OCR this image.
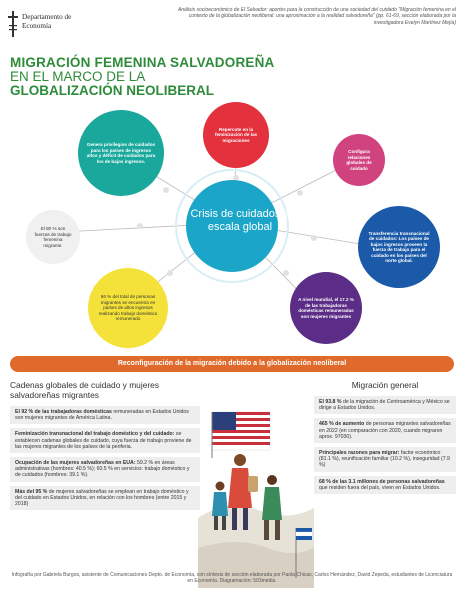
Departamento de
Economía
Análisis socioeconómico de El Salvador: aportes para la construcción de una sociedad del cuidado "Migración femenina en el contexto de la globalización neoliberal: una aproximación a la realidad salvadoreña" (pp. 61-69, sección elaborada por la investigadora Evelyn Martínez Mejía)
MIGRACIÓN FEMENINA SALVADOREÑA
EN EL MARCO DE LA
GLOBALIZACIÓN NEOLIBERAL
Genera privilegios de cuidados para los países de ingresos altos y déficit de cuidados para los de bajos ingresos.
Repercute en la feminización de las migraciones
Configura relaciones globales de cuidado
Transferencia transnacional de cuidados: Los países de bajos ingresos proveen la fuerza de trabajo para el cuidado en los países del norte global.
A nivel mundial, el 17.2 % de las trabajadoras domésticas remuneradas son mujeres migrantes
66 % del total de personas migrantes se encuentra en países de altos ingresos realizando trabajo doméstico remunerado
El 80 % son fuerzas de trabajo femenina migrante.
Crisis de cuidados a escala global
Reconfiguración de la migración debido a la globalización neoliberal
Cadenas globales de cuidado y mujeres salvadoreñas migrantes
El 92 % de las trabajadoras domésticas remuneradas en Estados Unidos son mujeres migrantes de América Latina.
Feminización transnacional del trabajo doméstico y del cuidado: se establecen cadenas globales de cuidado, cuya fuerza de trabajo proviene de las mujeres migrantes de los países de la periferia.
Ocupación de las mujeres salvadoreñas en EUA: 59.2 % en áreas administrativas (hombres: 40.5 %); 60.5 % en servicios: trabajo doméstico y de cuidados (hombres: 39.1 %).
Más del 95 % de mujeres salvadoreñas se emplean en trabajo doméstico y del cuidado en Estados Unidos, en relación con los hombres (entre 2015 y 2018)
Migración general
El 93.8 % de la migración de Centroamérica y México se dirige a Estados Unidos.
465 % de aumento de personas migrantes salvadoreñas en 2022 (en comparación con 2020, cuando migraron aprox. 97030).
Principales razones para migrar: factor económico (81.1 %), reunificación familiar (10.2 %), inseguridad (7.9 %)
68 % de las 3.1 millones de personas salvadoreñas que residen fuera del país, viven en Estados Unidos.
Infografía por Gabriela Burgos, asistente de Comunicaciones Depto. de Economía, con síntesis de sección elaborada por Paola Chicas, Carlos Hernández, David Zepeda, estudiantes de Licenciatura en Economía. Diagramación: 503media.
